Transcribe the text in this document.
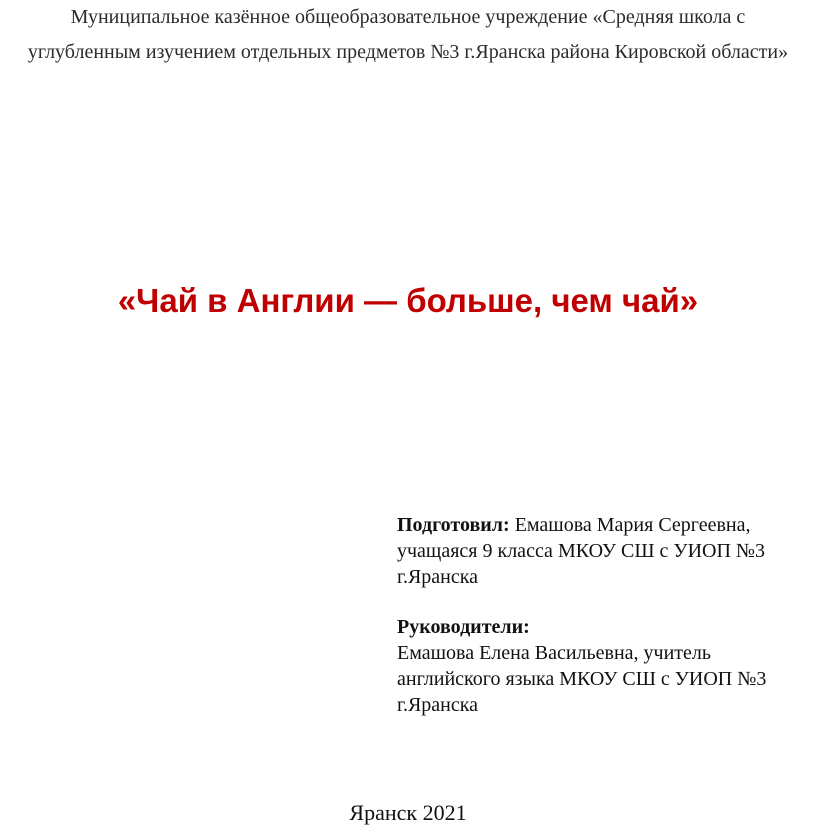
Муниципальное казённое общеобразовательное учреждение «Средняя школа с
углубленным изучением отдельных предметов №3 г.Яранска района Кировской области»
«Чай в Англии — больше, чем чай»
Подготовил: Емашова Мария Сергеевна,
учащаяся 9 класса МКОУ СШ с УИОП №3
г.Яранска
Руководители:
Емашова Елена Васильевна, учитель
английского языка МКОУ СШ с УИОП №3
г.Яранска
Яранск 2021
